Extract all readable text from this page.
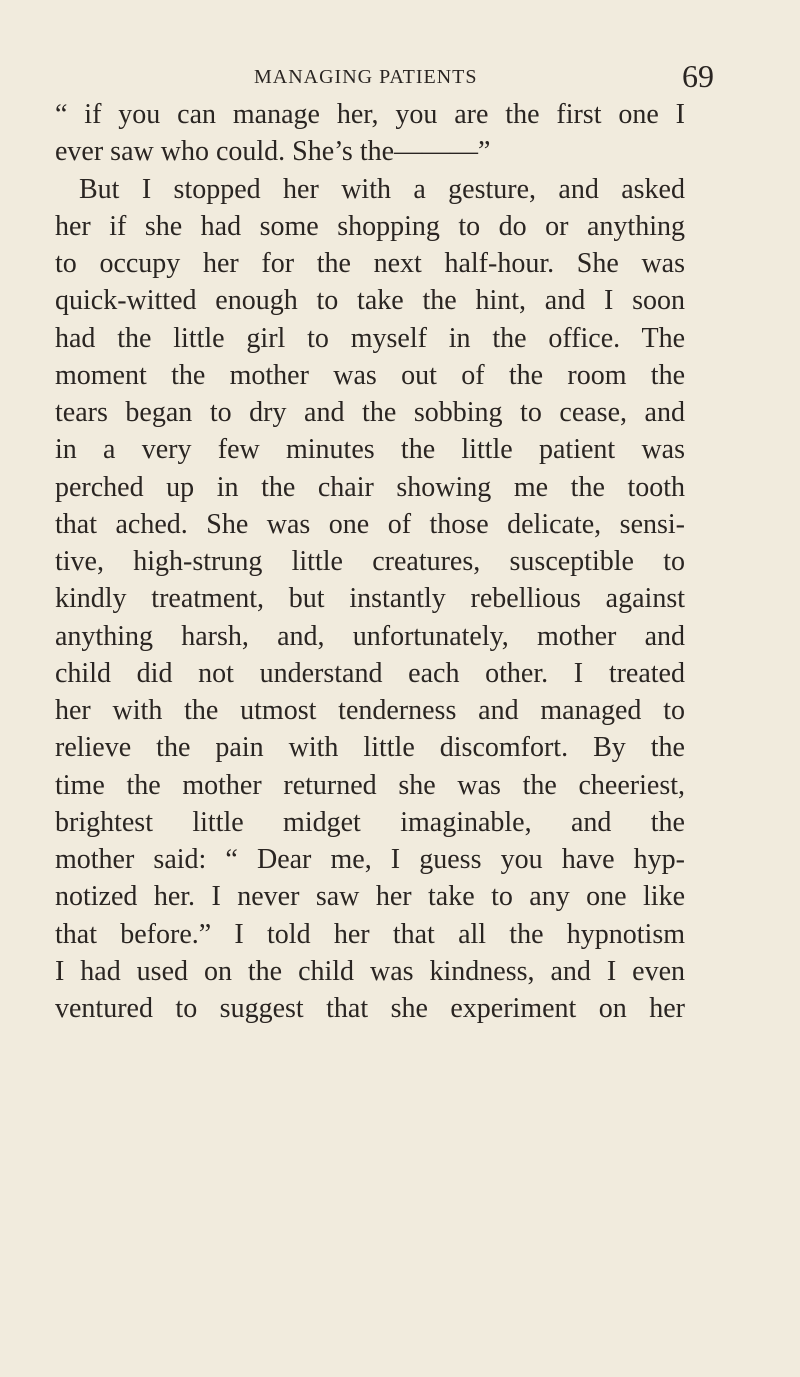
MANAGING PATIENTS	69
“ if you can manage her, you are the first one I
ever saw who could. She’s the———”
But I stopped her with a gesture, and asked
her if she had some shopping to do or anything
to occupy her for the next half-hour. She was
quick-witted enough to take the hint, and I soon
had the little girl to myself in the office. The
moment the mother was out of the room the
tears began to dry and the sobbing to cease, and
in a very few minutes the little patient was
perched up in the chair showing me the tooth
that ached. She was one of those delicate, sensi-
tive, high-strung little creatures, susceptible to
kindly treatment, but instantly rebellious against
anything harsh, and, unfortunately, mother and
child did not understand each other. I treated
her with the utmost tenderness and managed to
relieve the pain with little discomfort. By the
time the mother returned she was the cheeriest,
brightest little midget imaginable, and the
mother said: “ Dear me, I guess you have hyp-
notized her. I never saw her take to any one like
that before.” I told her that all the hypnotism
I had used on the child was kindness, and I even
ventured to suggest that she experiment on her
